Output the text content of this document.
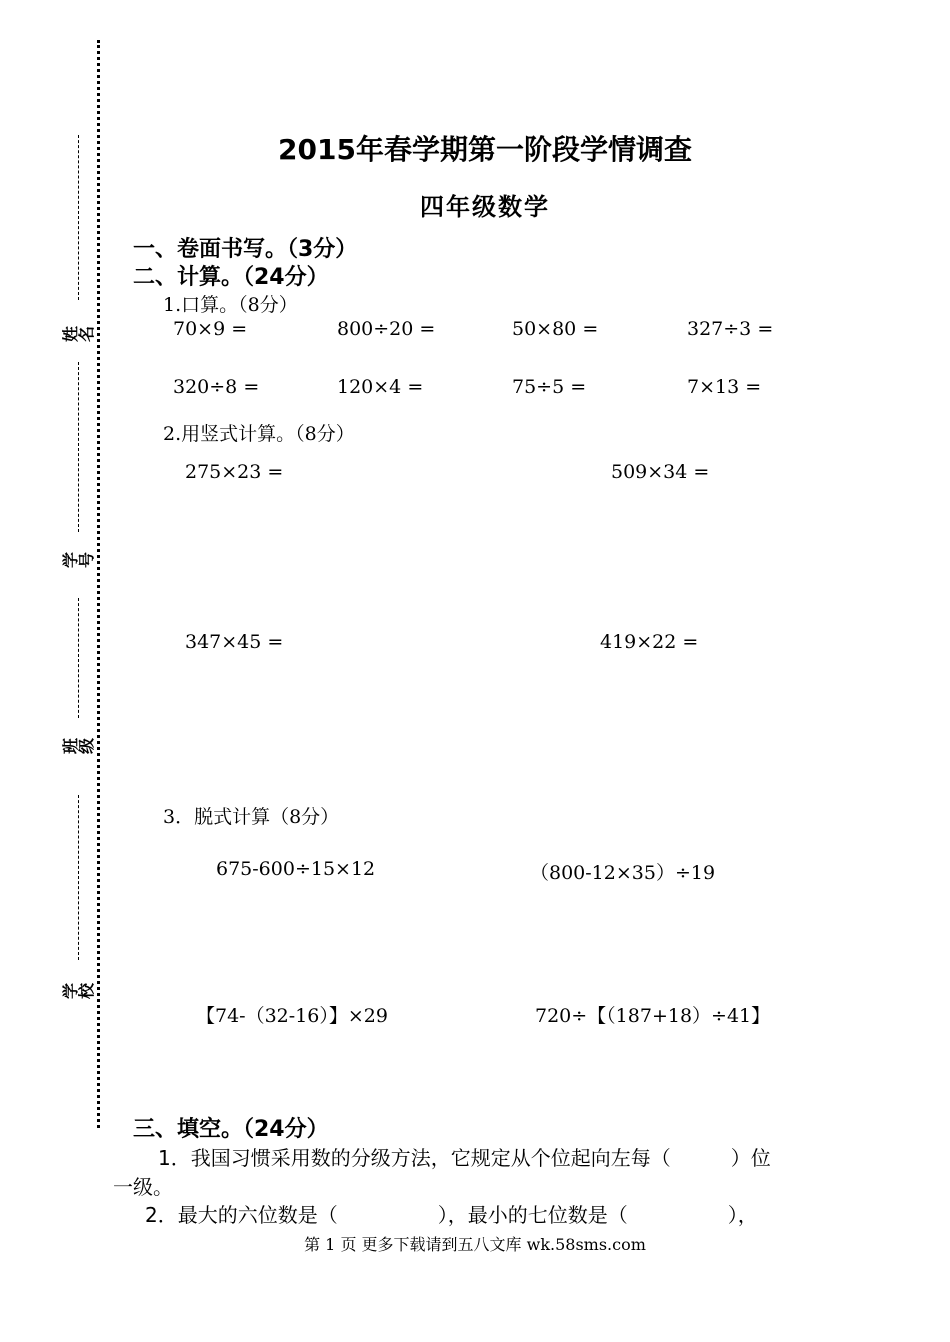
姓名
学号
班级
学校
2015年春学期第一阶段学情调查
四年级数学
一、卷面书写。（3分）
二、计算。（24分）
1.口算。（8分）
70×9 =	800÷20 =	50×80 =	327÷3 =
320÷8 =	120×4 =	75÷5 =	7×13 =
2.用竖式计算。（8分）
275×23 =	509×34 =
347×45 =	419×22 =
3．脱式计算（8分）
675-600÷15×12	（800-12×35）÷19
【74-（32-16）】×29	720÷【（187+18）÷41】
三、填空。（24分）
1．我国习惯采用数的分级方法，它规定从个位起向左每（　　　）位
一级。
2．最大的六位数是（　　　　　），最小的七位数是（　　　　　），
第 1 页 更多下载请到五八文库 wk.58sms.com
